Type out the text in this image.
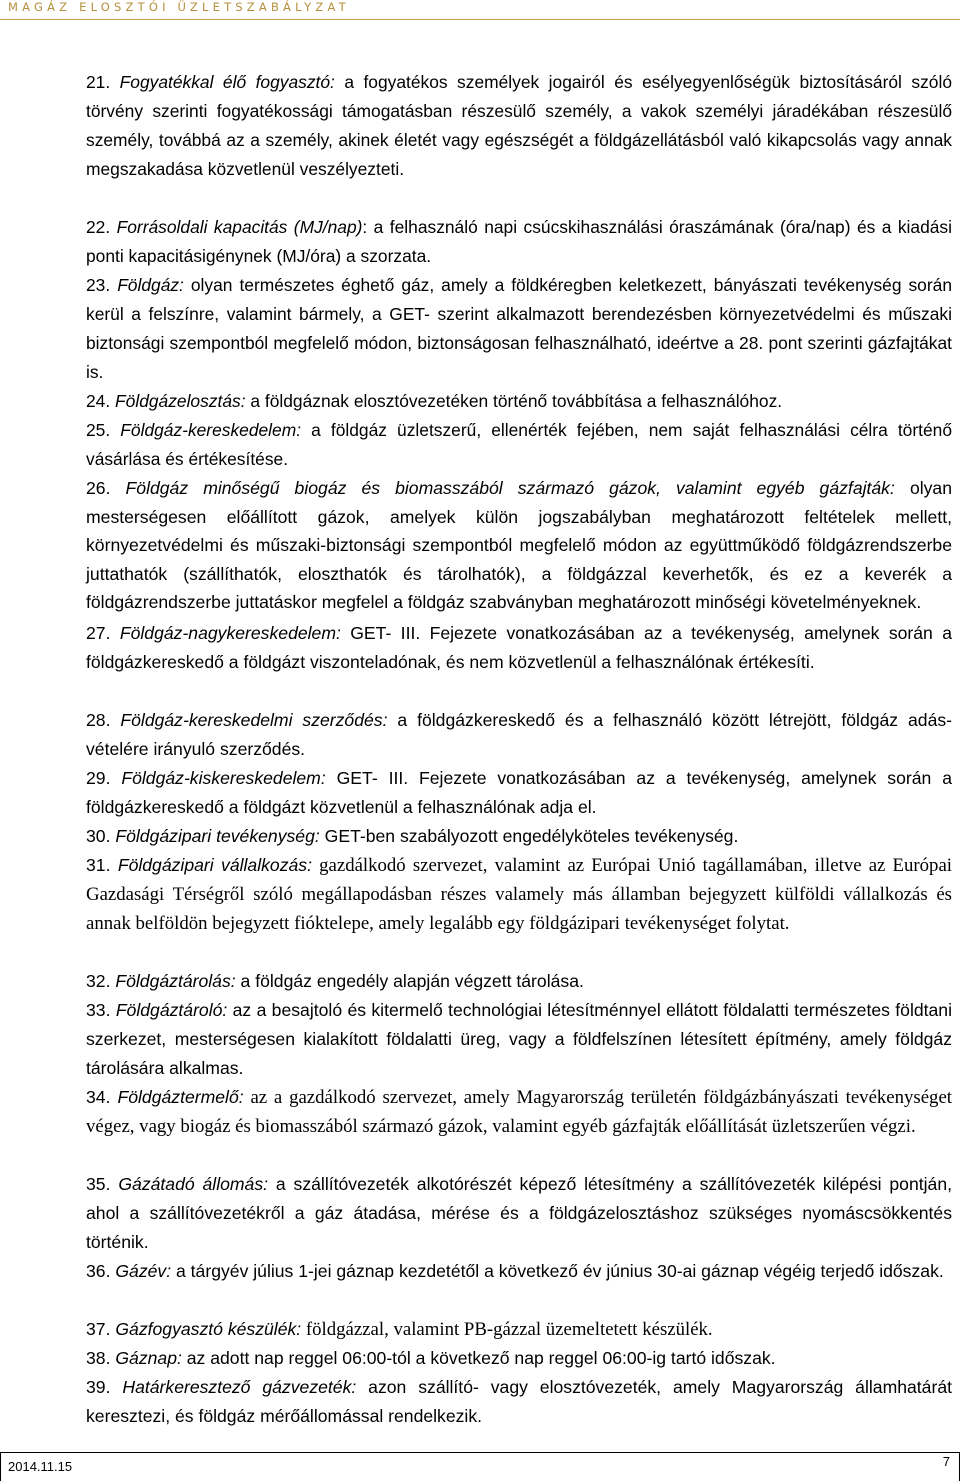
MAGÁZ ELOSZTÓI ÜZLETSZABÁLYZAT

21. Fogyatékkal élő fogyasztó: a fogyatékos személyek jogairól és esélyegyenlőségük biztosításáról szóló törvény szerinti fogyatékossági támogatásban részesülő személy, a vakok személyi járadékában részesülő személy, továbbá az a személy, akinek életét vagy egészségét a földgázellátásból való kikapcsolás vagy annak megszakadása közvetlenül veszélyezteti.

22. Forrásoldali kapacitás (MJ/nap): a felhasználó napi csúcskihasználási óraszámának (óra/nap) és a kiadási ponti kapacitásigénynek (MJ/óra) a szorzata.

23. Földgáz: olyan természetes éghető gáz, amely a földkéregben keletkezett, bányászati tevékenység során kerül a felszínre, valamint bármely, a GET- szerint alkalmazott berendezésben környezetvédelmi és műszaki biztonsági szempontból megfelelő módon, biztonságosan felhasználható, ideértve a 28. pont szerinti gázfajtákat is.

24. Földgázelosztás: a földgáznak elosztóvezetéken történő továbbítása a felhasználóhoz.

25. Földgáz-kereskedelem: a földgáz üzletszerű, ellenérték fejében, nem saját felhasználási célra történő vásárlása és értékesítése.

26. Földgáz minőségű biogáz és biomasszából származó gázok, valamint egyéb gázfajták: olyan mesterségesen előállított gázok, amelyek külön jogszabályban meghatározott feltételek mellett, környezetvédelmi és műszaki-biztonsági szempontból megfelelő módon az együttműködő földgázrendszerbe juttathatók (szállíthatók, eloszthatók és tárolhatók), a földgázzal keverhetők, és ez a keverék a földgázrendszerbe juttatáskor megfelel a földgáz szabványban meghatározott minőségi követelményeknek.

27. Földgáz-nagykereskedelem: GET- III. Fejezete vonatkozásában az a tevékenység, amelynek során a földgázkereskedő a földgázt viszonteladónak, és nem közvetlenül a felhasználónak értékesíti.

28. Földgáz-kereskedelmi szerződés: a földgázkereskedő és a felhasználó között létrejött, földgáz adás-vételére irányuló szerződés.

29. Földgáz-kiskereskedelem: GET- III. Fejezete vonatkozásában az a tevékenység, amelynek során a földgázkereskedő a földgázt közvetlenül a felhasználónak adja el.

30. Földgázipari tevékenység: GET-ben szabályozott engedélyköteles tevékenység.

31. Földgázipari vállalkozás: gazdálkodó szervezet, valamint az Európai Unió tagállamában, illetve az Európai Gazdasági Térségről szóló megállapodásban részes valamely más államban bejegyzett külföldi vállalkozás és annak belföldön bejegyzett fióktelepe, amely legalább egy földgázipari tevékenységet folytat.

32. Földgáztárolás: a földgáz engedély alapján végzett tárolása.

33. Földgáztároló: az a besajtoló és kitermelő technológiai létesítménnyel ellátott földalatti természetes földtani szerkezet, mesterségesen kialakított földalatti üreg, vagy a földfelszínen létesített építmény, amely földgáz tárolására alkalmas.

34. Földgáztermelő: az a gazdálkodó szervezet, amely Magyarország területén földgázbányászati tevékenységet végez, vagy biogáz és biomasszából származó gázok, valamint egyéb gázfajták előállítását üzletszerűen végzi.

35. Gázátadó állomás: a szállítóvezeték alkotórészét képező létesítmény a szállítóvezeték kilépési pontján, ahol a szállítóvezetékről a gáz átadása, mérése és a földgázelosztáshoz szükséges nyomáscsökkentés történik.

36. Gázév: a tárgyév július 1-jei gáznap kezdetétől a következő év június 30-ai gáznap végéig terjedő időszak.

37. Gázfogyasztó készülék: földgázzal, valamint PB-gázzal üzemeltetett készülék.

38. Gáznap: az adott nap reggel 06:00-tól a következő nap reggel 06:00-ig tartó időszak.

39. Határkeresztező gázvezeték: azon szállító- vagy elosztóvezeték, amely Magyarország államhatárát keresztezi, és földgáz mérőállomással rendelkezik.

2014.11.15	7
